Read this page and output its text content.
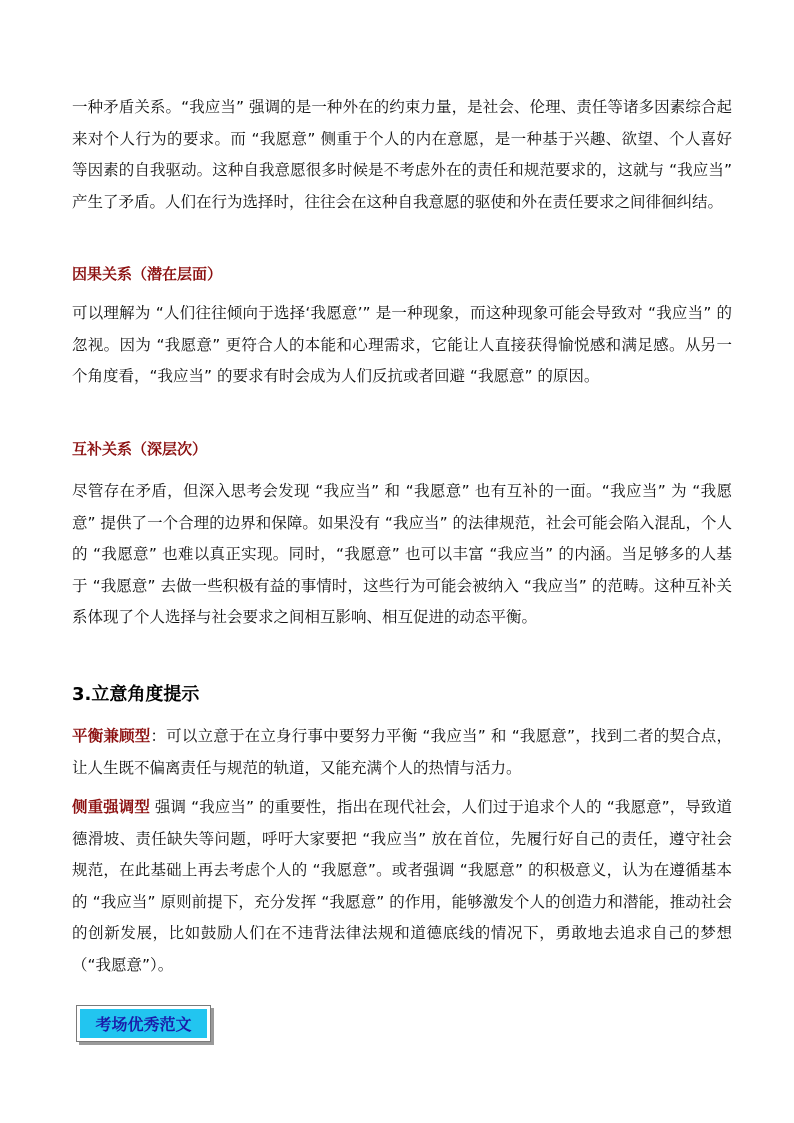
一种矛盾关系。“我应当” 强调的是一种外在的约束力量，是社会、伦理、责任等诸多因素综合起来对个人行为的要求。而 “我愿意” 侧重于个人的内在意愿，是一种基于兴趣、欲望、个人喜好等因素的自我驱动。这种自我意愿很多时候是不考虑外在的责任和规范要求的，这就与 “我应当” 产生了矛盾。人们在行为选择时，往往会在这种自我意愿的驱使和外在责任要求之间徘徊纠结。

因果关系（潜在层面）

可以理解为 “人们往往倾向于选择‘我愿意’” 是一种现象，而这种现象可能会导致对 “我应当” 的忽视。因为 “我愿意” 更符合人的本能和心理需求，它能让人直接获得愉悦感和满足感。从另一个角度看，“我应当” 的要求有时会成为人们反抗或者回避 “我愿意” 的原因。

互补关系（深层次）

尽管存在矛盾，但深入思考会发现 “我应当” 和 “我愿意” 也有互补的一面。“我应当” 为 “我愿意” 提供了一个合理的边界和保障。如果没有 “我应当” 的法律规范，社会可能会陷入混乱，个人的 “我愿意” 也难以真正实现。同时，“我愿意” 也可以丰富 “我应当” 的内涵。当足够多的人基于 “我愿意” 去做一些积极有益的事情时，这些行为可能会被纳入 “我应当” 的范畴。这种互补关系体现了个人选择与社会要求之间相互影响、相互促进的动态平衡。

3.立意角度提示

平衡兼顾型：可以立意于在立身行事中要努力平衡 “我应当” 和 “我愿意”，找到二者的契合点，让人生既不偏离责任与规范的轨道，又能充满个人的热情与活力。

侧重强调型 强调 “我应当” 的重要性，指出在现代社会，人们过于追求个人的 “我愿意”，导致道德滑坡、责任缺失等问题，呼吁大家要把 “我应当” 放在首位，先履行好自己的责任，遵守社会规范，在此基础上再去考虑个人的 “我愿意”。或者强调 “我愿意” 的积极意义，认为在遵循基本的 “我应当” 原则前提下，充分发挥 “我愿意” 的作用，能够激发个人的创造力和潜能，推动社会的创新发展，比如鼓励人们在不违背法律法规和道德底线的情况下，勇敢地去追求自己的梦想（“我愿意”）。

考场优秀范文
